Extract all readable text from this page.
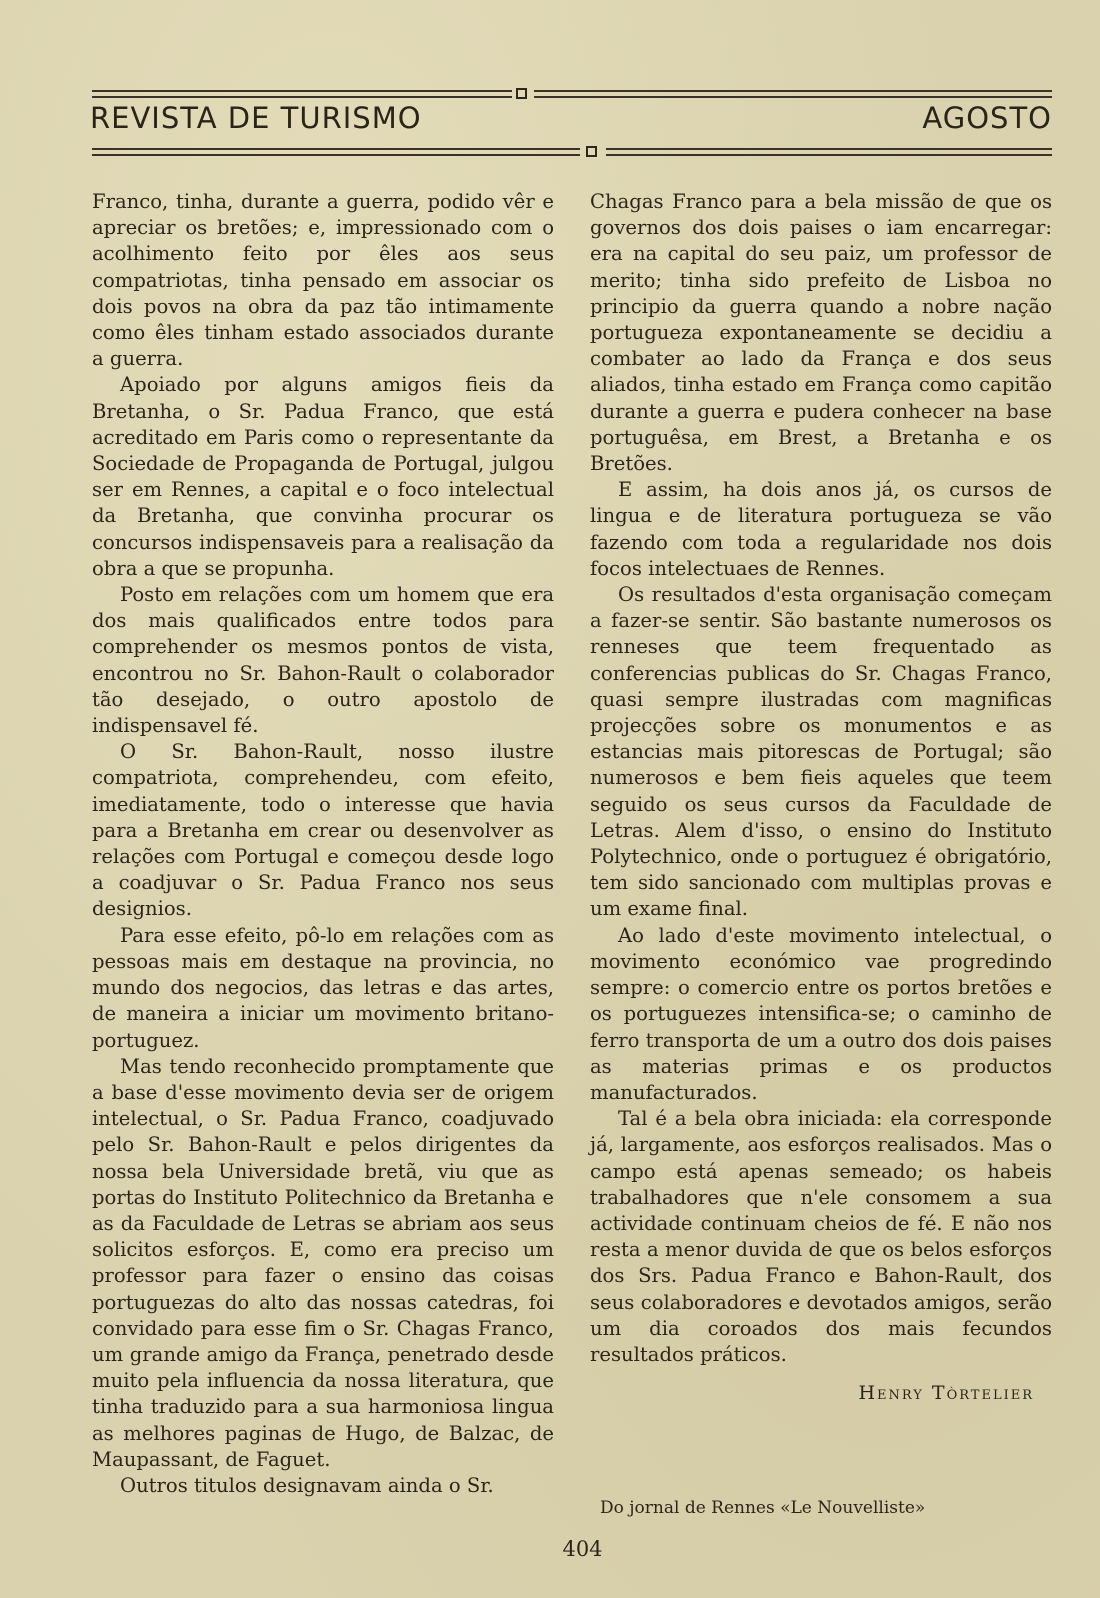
REVISTA DE TURISMO	AGOSTO

Franco, tinha, durante a guerra, podido vêr e apreciar os bretões; e, impressionado com o acolhimento feito por êles aos seus compatriotas, tinha pensado em associar os dois povos na obra da paz tão intimamente como êles tinham estado associados durante a guerra.

Apoiado por alguns amigos fieis da Bretanha, o Sr. Padua Franco, que está acreditado em Paris como o representante da Sociedade de Propaganda de Portugal, julgou ser em Rennes, a capital e o foco intelectual da Bretanha, que convinha procurar os concursos indispensaveis para a realisação da obra a que se propunha.

Posto em relações com um homem que era dos mais qualificados entre todos para comprehender os mesmos pontos de vista, encontrou no Sr. Bahon-Rault o colaborador tão desejado, o outro apostolo de indispensavel fé.

O Sr. Bahon-Rault, nosso ilustre compatriota, comprehendeu, com efeito, imediatamente, todo o interesse que havia para a Bretanha em crear ou desenvolver as relações com Portugal e começou desde logo a coadjuvar o Sr. Padua Franco nos seus designios.

Para esse efeito, pô-lo em relações com as pessoas mais em destaque na provincia, no mundo dos negocios, das letras e das artes, de maneira a iniciar um movimento britano-portuguez.

Mas tendo reconhecido promptamente que a base d'esse movimento devia ser de origem intelectual, o Sr. Padua Franco, coadjuvado pelo Sr. Bahon-Rault e pelos dirigentes da nossa bela Universidade bretã, viu que as portas do Instituto Politechnico da Bretanha e as da Faculdade de Letras se abriam aos seus solicitos esforços. E, como era preciso um professor para fazer o ensino das coisas portuguezas do alto das nossas catedras, foi convidado para esse fim o Sr. Chagas Franco, um grande amigo da França, penetrado desde muito pela influencia da nossa literatura, que tinha traduzido para a sua harmoniosa lingua as melhores paginas de Hugo, de Balzac, de Maupassant, de Faguet.

Outros titulos designavam ainda o Sr.

Chagas Franco para a bela missão de que os governos dos dois paises o iam encarregar: era na capital do seu paiz, um professor de merito; tinha sido prefeito de Lisboa no principio da guerra quando a nobre nação portugueza expontaneamente se decidiu a combater ao lado da França e dos seus aliados, tinha estado em França como capitão durante a guerra e pudera conhecer na base portuguêsa, em Brest, a Bretanha e os Bretões.

E assim, ha dois anos já, os cursos de lingua e de literatura portugueza se vão fazendo com toda a regularidade nos dois focos intelectuaes de Rennes.

Os resultados d'esta organisação começam a fazer-se sentir. São bastante numerosos os renneses que teem frequentado as conferencias publicas do Sr. Chagas Franco, quasi sempre ilustradas com magnificas projecções sobre os monumentos e as estancias mais pitorescas de Portugal; são numerosos e bem fieis aqueles que teem seguido os seus cursos da Faculdade de Letras. Alem d'isso, o ensino do Instituto Polytechnico, onde o portuguez é obrigatório, tem sido sancionado com multiplas provas e um exame final.

Ao lado d'este movimento intelectual, o movimento económico vae progredindo sempre: o comercio entre os portos bretões e os portuguezes intensifica-se; o caminho de ferro transporta de um a outro dos dois paises as materias primas e os productos manufacturados.

Tal é a bela obra iniciada: ela corresponde já, largamente, aos esforços realisados. Mas o campo está apenas semeado; os habeis trabalhadores que n'ele consomem a sua actividade continuam cheios de fé. E não nos resta a menor duvida de que os belos esforços dos Srs. Padua Franco e Bahon-Rault, dos seus colaboradores e devotados amigos, serão um dia coroados dos mais fecundos resultados práticos.

Henry Tòrtelier
Do jornal de Rennes «Le Nouvelliste»
404
